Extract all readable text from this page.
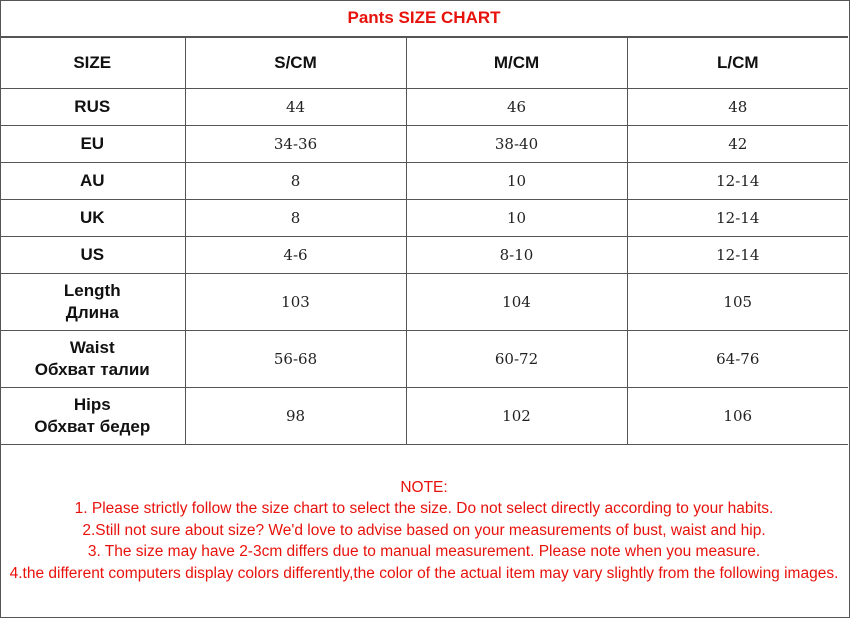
Pants SIZE CHART
SIZE	S/CM	M/CM	L/CM
RUS	44	46	48
EU	34-36	38-40	42
AU	8	10	12-14
UK	8	10	12-14
US	4-6	8-10	12-14

Length
Длина	103	104	105

Waist
Обхват талии	56-68	60-72	64-76

Hips
Обхват бедер	98	102	106
NOTE:
1. Please strictly follow the size chart to select the size. Do not select directly according to your habits.
2.Still not sure about size? We'd love to advise based on your measurements of bust, waist and hip.
3. The size may have 2-3cm differs due to manual measurement. Please note when you measure.
4.the different computers display colors differently,the color of the actual item may vary slightly from the following images.
